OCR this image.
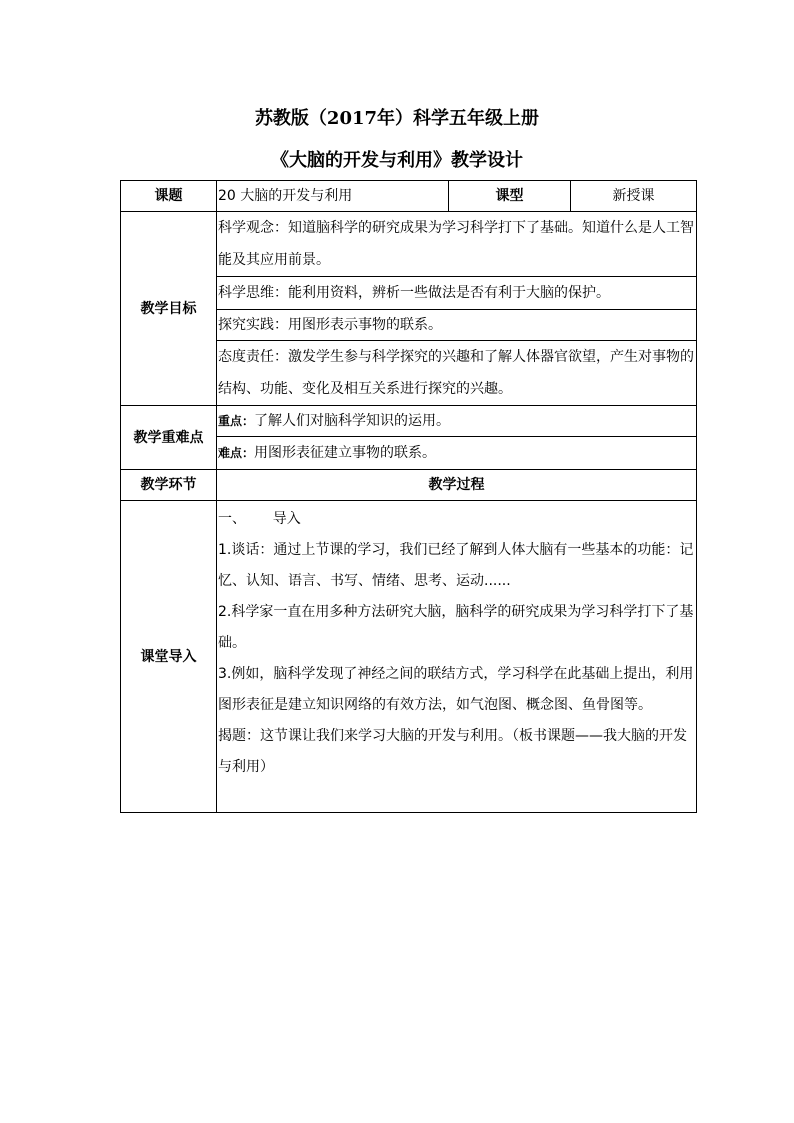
苏教版（2017年）科学五年级上册
《大脑的开发与利用》教学设计
课题	20 大脑的开发与利用	课型	新授课
教学目标	科学观念：知道脑科学的研究成果为学习科学打下了基础。知道什么是人工智能及其应用前景。		
	科学思维：能利用资料，辨析一些做法是否有利于大脑的保护。		
	探究实践：用图形表示事物的联系。		
	态度责任：激发学生参与科学探究的兴趣和了解人体器官欲望，产生对事物的结构、功能、变化及相互关系进行探究的兴趣。		
教学重难点	重点：了解人们对脑科学知识的运用。		
	难点：用图形表征建立事物的联系。		
教学环节	教学过程		
课堂导入	一、      导入

1.谈话：通过上节课的学习，我们已经了解到人体大脑有一些基本的功能：记忆、认知、语言、书写、情绪、思考、运动......

2.科学家一直在用多种方法研究大脑，脑科学的研究成果为学习科学打下了基础。

3.例如，脑科学发现了神经之间的联结方式，学习科学在此基础上提出，利用图形表征是建立知识网络的有效方法，如气泡图、概念图、鱼骨图等。

揭题：这节课让我们来学习大脑的开发与利用。（板书课题——我大脑的开发与利用）		
